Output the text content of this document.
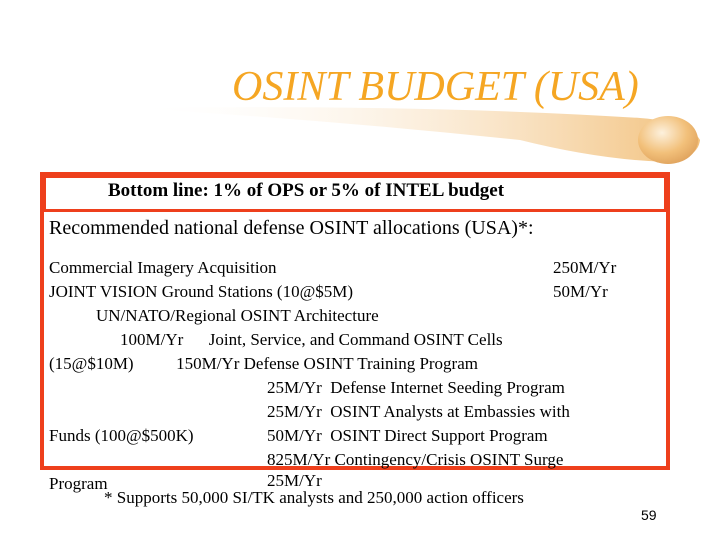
OSINT BUDGET (USA)
Bottom line: 1% of OPS or 5% of INTEL budget
Recommended national defense OSINT allocations (USA)*:
Commercial Imagery Acquisition	250M/Yr
JOINT VISION Ground Stations (10@$5M)	50M/Yr
UN/NATO/Regional OSINT Architecture
100M/Yr      Joint, Service, and Command OSINT Cells
(15@$10M)          150M/Yr Defense OSINT Training Program
25M/Yr  Defense Internet Seeding Program
25M/Yr  OSINT Analysts at Embassies with
Funds (100@$500K)	50M/Yr  OSINT Direct Support Program
825M/Yr Contingency/Crisis OSINT Surge
Program	25M/Yr
* Supports 50,000 SI/TK analysts and 250,000 action officers
59
